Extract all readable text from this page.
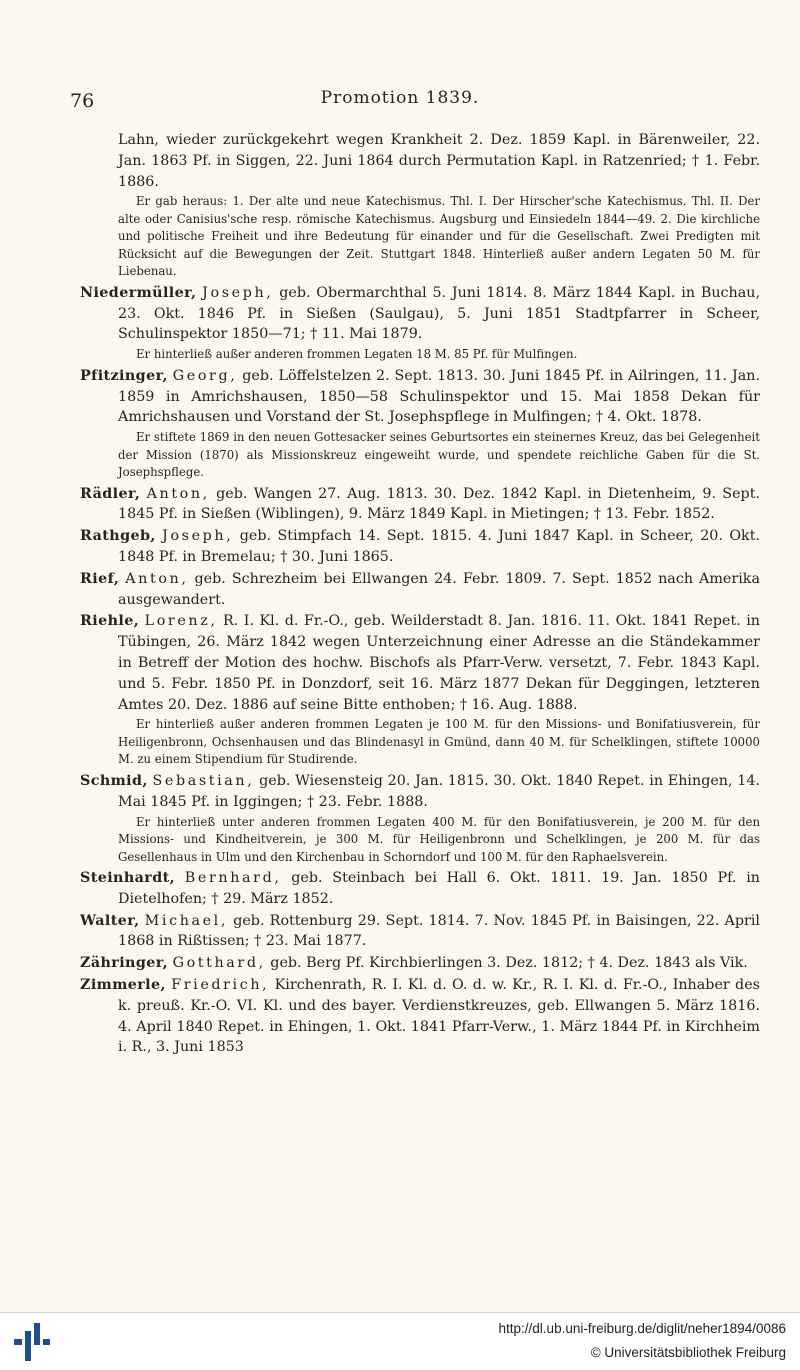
76	Promotion 1839.

Lahn, wieder zurückgekehrt wegen Krankheit 2. Dez. 1859 Kapl. in Bärenweiler, 22. Jan. 1863 Pf. in Siggen, 22. Juni 1864 durch Permutation Kapl. in Ratzenried; † 1. Febr. 1886.

Er gab heraus: 1. Der alte und neue Katechismus. Thl. I. Der Hirscher'sche Katechismus. Thl. II. Der alte oder Canisius'sche resp. römische Katechismus. Augsburg und Einsiedeln 1844—49. 2. Die kirchliche und politische Freiheit und ihre Bedeutung für einander und für die Gesellschaft. Zwei Predigten mit Rücksicht auf die Bewegungen der Zeit. Stuttgart 1848. Hinterließ außer andern Legaten 50 M. für Liebenau.

Niedermüller, Joseph, geb. Obermarchthal 5. Juni 1814. 8. März 1844 Kapl. in Buchau, 23. Okt. 1846 Pf. in Sießen (Saulgau), 5. Juni 1851 Stadtpfarrer in Scheer, Schulinspektor 1850—71; † 11. Mai 1879.

Er hinterließ außer anderen frommen Legaten 18 M. 85 Pf. für Mulfingen.

Pfitzinger, Georg, geb. Löffelstelzen 2. Sept. 1813. 30. Juni 1845 Pf. in Ailringen, 11. Jan. 1859 in Amrichshausen, 1850—58 Schulinspektor und 15. Mai 1858 Dekan für Amrichshausen und Vorstand der St. Josephspflege in Mulfingen; † 4. Okt. 1878.

Er stiftete 1869 in den neuen Gottesacker seines Geburtsortes ein steinernes Kreuz, das bei Gelegenheit der Mission (1870) als Missionskreuz eingeweiht wurde, und spendete reichliche Gaben für die St. Josephspflege.

Rädler, Anton, geb. Wangen 27. Aug. 1813. 30. Dez. 1842 Kapl. in Dietenheim, 9. Sept. 1845 Pf. in Sießen (Wiblingen), 9. März 1849 Kapl. in Mietingen; † 13. Febr. 1852.

Rathgeb, Joseph, geb. Stimpfach 14. Sept. 1815. 4. Juni 1847 Kapl. in Scheer, 20. Okt. 1848 Pf. in Bremelau; † 30. Juni 1865.

Rief, Anton, geb. Schrezheim bei Ellwangen 24. Febr. 1809. 7. Sept. 1852 nach Amerika ausgewandert.

Riehle, Lorenz, R. I. Kl. d. Fr.-O., geb. Weilderstadt 8. Jan. 1816. 11. Okt. 1841 Repet. in Tübingen, 26. März 1842 wegen Unterzeichnung einer Adresse an die Ständekammer in Betreff der Motion des hochw. Bischofs als Pfarr-Verw. versetzt, 7. Febr. 1843 Kapl. und 5. Febr. 1850 Pf. in Donzdorf, seit 16. März 1877 Dekan für Deggingen, letzteren Amtes 20. Dez. 1886 auf seine Bitte enthoben; † 16. Aug. 1888.

Er hinterließ außer anderen frommen Legaten je 100 M. für den Missions- und Bonifatiusverein, für Heiligenbronn, Ochsenhausen und das Blindenasyl in Gmünd, dann 40 M. für Schelklingen, stiftete 10000 M. zu einem Stipendium für Studirende.

Schmid, Sebastian, geb. Wiesensteig 20. Jan. 1815. 30. Okt. 1840 Repet. in Ehingen, 14. Mai 1845 Pf. in Iggingen; † 23. Febr. 1888.

Er hinterließ unter anderen frommen Legaten 400 M. für den Bonifatiusverein, je 200 M. für den Missions- und Kindheitverein, je 300 M. für Heiligenbronn und Schelklingen, je 200 M. für das Gesellenhaus in Ulm und den Kirchenbau in Schorndorf und 100 M. für den Raphaelsverein.

Steinhardt, Bernhard, geb. Steinbach bei Hall 6. Okt. 1811. 19. Jan. 1850 Pf. in Dietelhofen; † 29. März 1852.

Walter, Michael, geb. Rottenburg 29. Sept. 1814. 7. Nov. 1845 Pf. in Baisingen, 22. April 1868 in Rißtissen; † 23. Mai 1877.

Zähringer, Gotthard, geb. Berg Pf. Kirchbierlingen 3. Dez. 1812; † 4. Dez. 1843 als Vik.

Zimmerle, Friedrich, Kirchenrath, R. I. Kl. d. O. d. w. Kr., R. I. Kl. d. Fr.-O., Inhaber des k. preuß. Kr.-O. VI. Kl. und des bayer. Verdienstkreuzes, geb. Ellwangen 5. März 1816. 4. April 1840 Repet. in Ehingen, 1. Okt. 1841 Pfarr-Verw., 1. März 1844 Pf. in Kirchheim i. R., 3. Juni 1853

http://dl.ub.uni-freiburg.de/diglit/neher1894/0086
© Universitätsbibliothek Freiburg
